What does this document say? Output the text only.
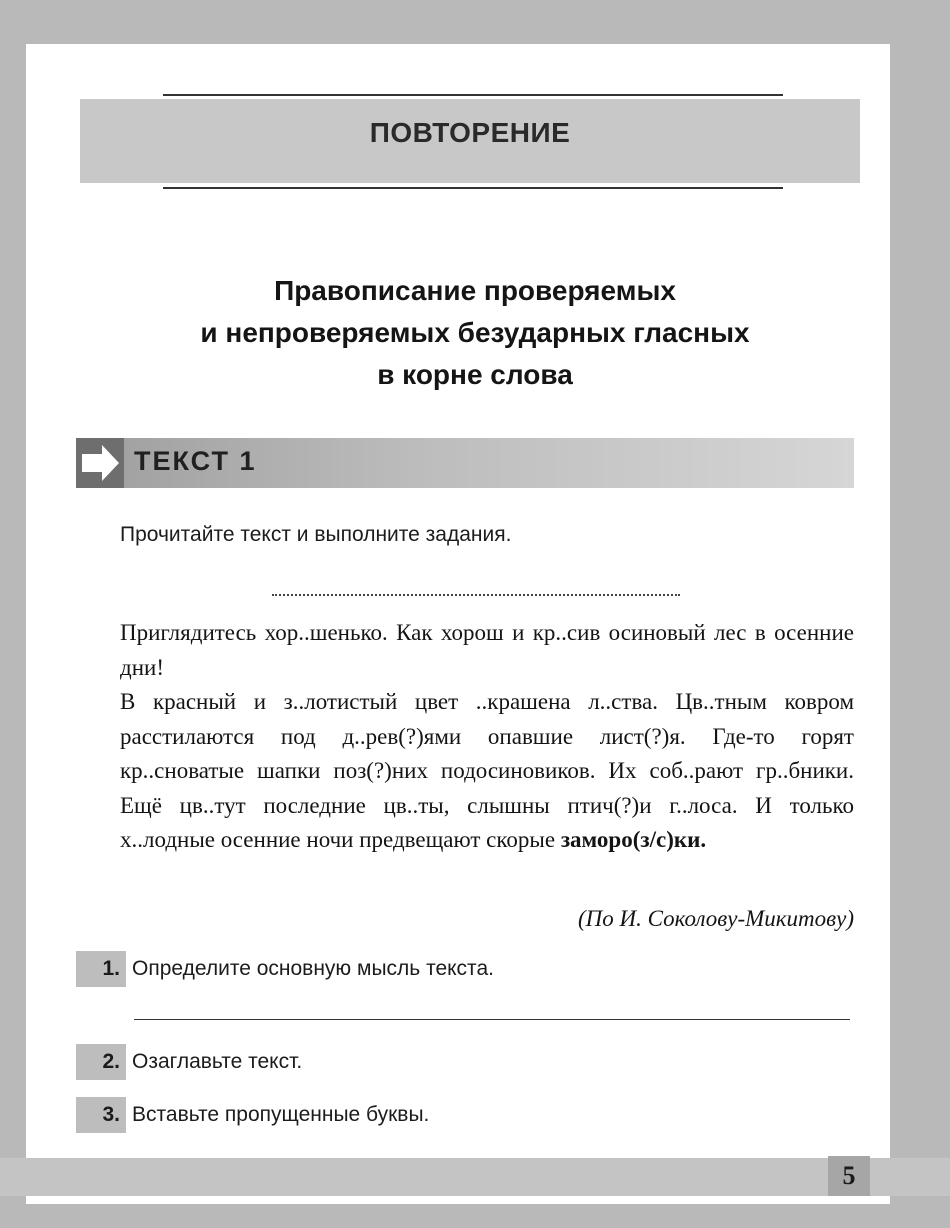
5
ПОВТОРЕНИЕ
Правописание проверяемых
и непроверяемых безударных гласных
в корне слова
ТЕКСТ 1
Прочитайте текст и выполните задания.

Приглядитесь хор..шенько. Как хорош и кр..сив осиновый лес в осенние дни!

В красный и з..лотистый цвет ..крашена л..ства. Цв..тным ковром расстилаются под д..рев(?)ями опавшие лист(?)я. Где-то горят кр..сноватые шапки поз(?)них подосиновиков. Их соб..рают гр..бники. Ещё цв..тут последние цв..ты, слышны птич(?)и г..лоса. И только х..лодные осенние ночи предвещают скорые заморо(з/с)ки.

(По И. Соколову-Микитову)
1. Определите основную мысль текста.
2. Озаглавьте текст.
3. Вставьте пропущенные буквы.
